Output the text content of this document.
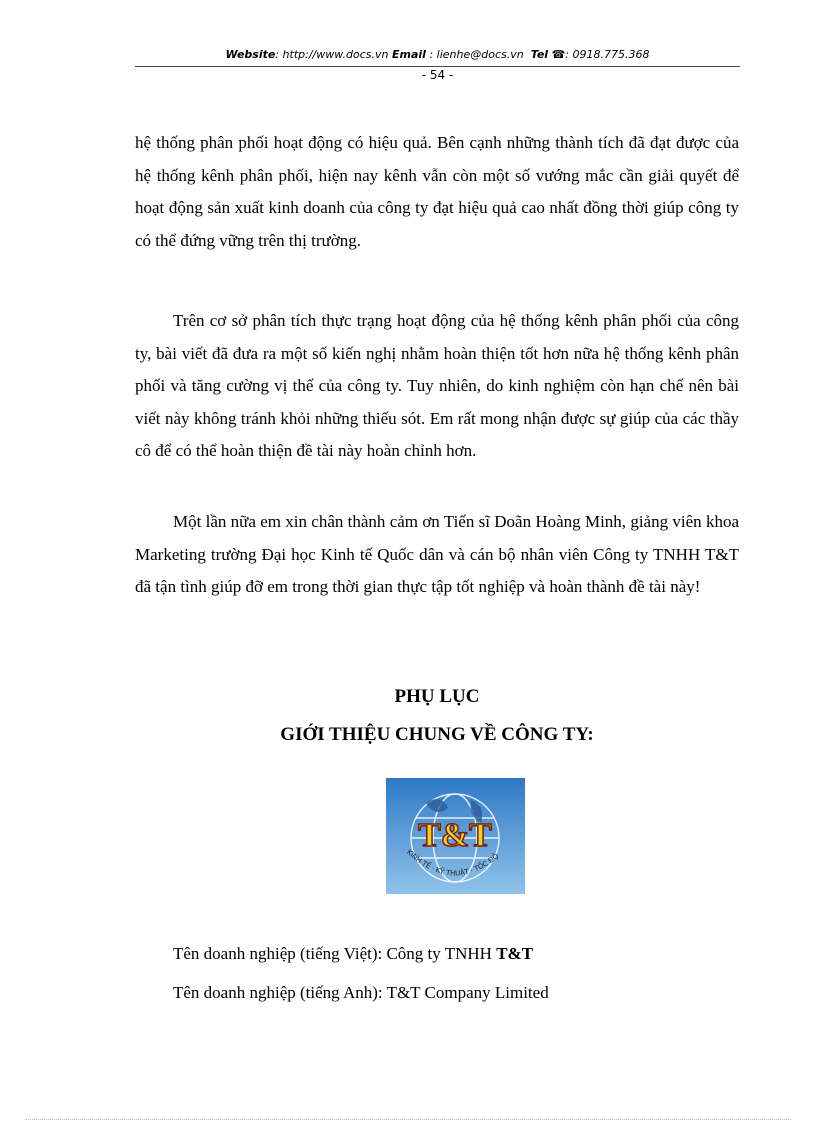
Website: http://www.docs.vn Email : lienhe@docs.vn Tel ☎: 0918.775.368
- 54 -

hệ thống phân phối hoạt động có hiệu quả. Bên cạnh những thành tích đã đạt được của hệ thống kênh phân phối, hiện nay kênh vẫn còn một số vướng mắc cần giải quyết để hoạt động sản xuất kinh doanh của công ty đạt hiệu quả cao nhất đồng thời giúp công ty có thể đứng vững trên thị trường.

Trên cơ sở phân tích thực trạng hoạt động của hệ thống kênh phân phối của công ty, bài viết đã đưa ra một số kiến nghị nhằm hoàn thiện tốt hơn nữa hệ thống kênh phân phối và tăng cường vị thế của công ty. Tuy nhiên, do kinh nghiệm còn hạn chế nên bài viết này không tránh khỏi những thiếu sót. Em rất mong nhận được sự giúp của các thầy cô để có thể hoàn thiện đề tài này hoàn chỉnh hơn.

Một lần nữa em xin chân thành cảm ơn Tiến sĩ Doãn Hoàng Minh, giảng viên khoa Marketing trường Đại học Kinh tế Quốc dân và cán bộ nhân viên Công ty TNHH T&T đã tận tình giúp đỡ em trong thời gian thực tập tốt nghiệp và hoàn thành đề tài này!

PHỤ LỤC
GIỚI THIỆU CHUNG VỀ CÔNG TY:
T&T
KINH TẾ · KỸ THUẬT · TỐC ĐỘ

Tên doanh nghiệp (tiếng Việt): Công ty TNHH T&T

Tên doanh nghiệp (tiếng Anh): T&T Company Limited
